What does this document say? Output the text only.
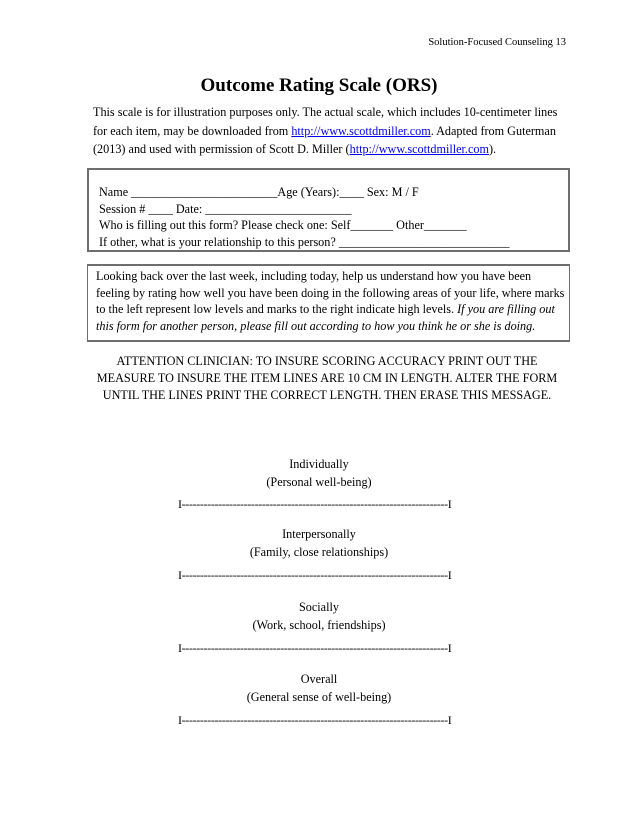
Solution-Focused Counseling 13
Outcome Rating Scale (ORS)
This scale is for illustration purposes only. The actual scale, which includes 10-centimeter lines for each item, may be downloaded from http://www.scottdmiller.com. Adapted from Guterman (2013) and used with permission of Scott D. Miller (http://www.scottdmiller.com).
Name ________________________Age (Years):____ Sex: M / F
Session # ____ Date: ________________________
Who is filling out this form? Please check one: Self_______ Other_______
If other, what is your relationship to this person? ____________________________
Looking back over the last week, including today, help us understand how you have been feeling by rating how well you have been doing in the following areas of your life, where marks to the left represent low levels and marks to the right indicate high levels. If you are filling out this form for another person, please fill out according to how you think he or she is doing.
ATTENTION CLINICIAN: TO INSURE SCORING ACCURACY PRINT OUT THE MEASURE TO INSURE THE ITEM LINES ARE 10 CM IN LENGTH. ALTER THE FORM UNTIL THE LINES PRINT THE CORRECT LENGTH. THEN ERASE THIS MESSAGE.
Individually
(Personal well-being)
I-------------------------------------------------------------------------I
Interpersonally
(Family, close relationships)
I-------------------------------------------------------------------------I
Socially
(Work, school, friendships)
I-------------------------------------------------------------------------I
Overall
(General sense of well-being)
I-------------------------------------------------------------------------I
